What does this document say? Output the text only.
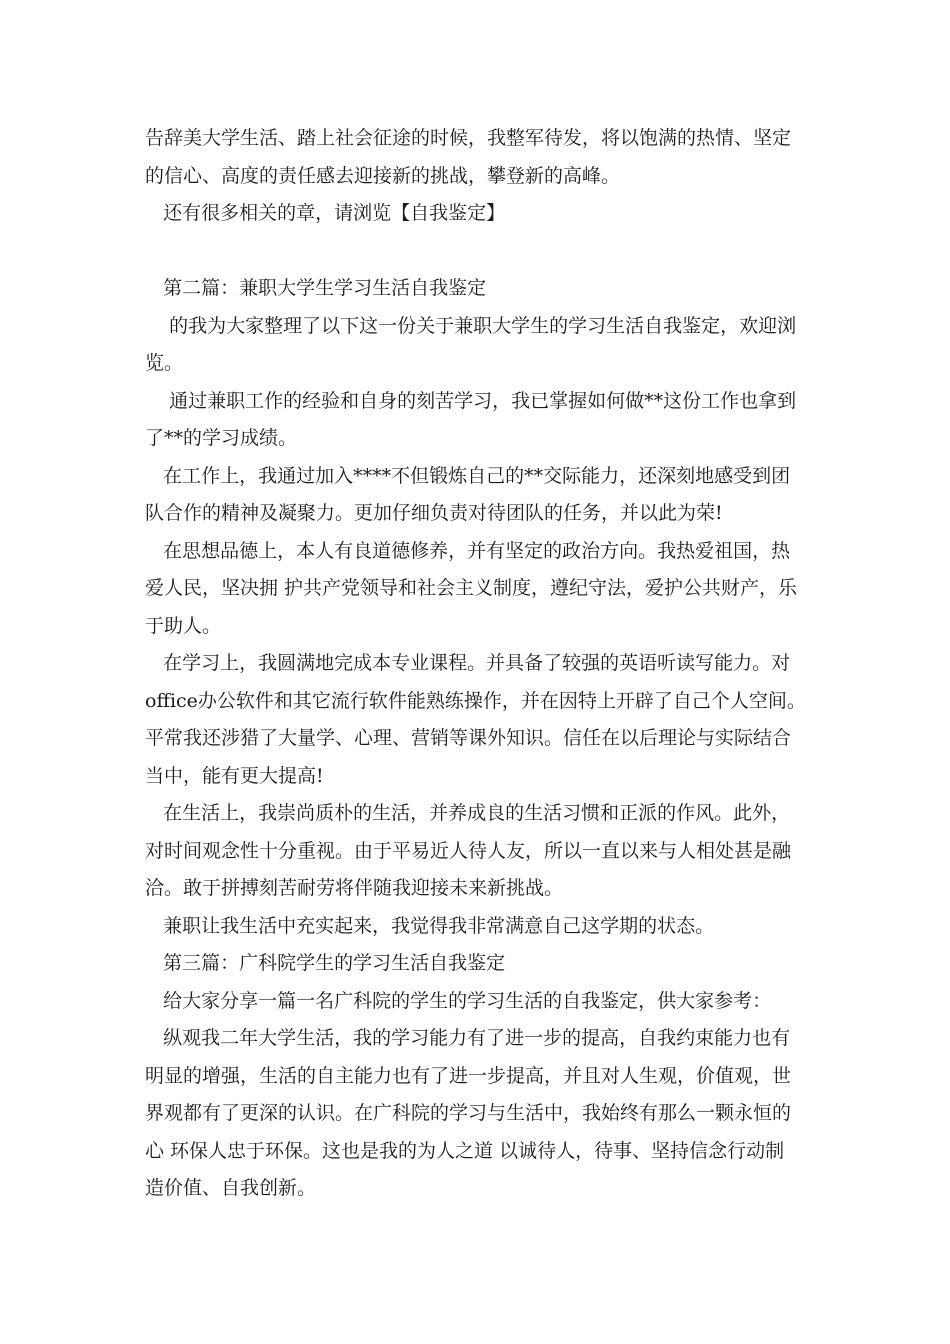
告辞美大学生活、踏上社会征途的时候，我整军待发，将以饱满的热情、坚定
的信心、高度的责任感去迎接新的挑战，攀登新的高峰。
还有很多相关的章，请浏览【自我鉴定】
第二篇：兼职大学生学习生活自我鉴定
的我为大家整理了以下这一份关于兼职大学生的学习生活自我鉴定，欢迎浏
览。
通过兼职工作的经验和自身的刻苦学习，我已掌握如何做**这份工作也拿到
了**的学习成绩。
在工作上，我通过加入****不但锻炼自己的**交际能力，还深刻地感受到团
队合作的精神及凝聚力。更加仔细负责对待团队的任务，并以此为荣!
在思想品德上，本人有良道德修养，并有坚定的政治方向。我热爱祖国，热
爱人民，坚决拥 护共产党领导和社会主义制度，遵纪守法，爱护公共财产，乐
于助人。
在学习上，我圆满地完成本专业课程。并具备了较强的英语听读写能力。对
office办公软件和其它流行软件能熟练操作，并在因特上开辟了自己个人空间。
平常我还涉猎了大量学、心理、营销等课外知识。信任在以后理论与实际结合
当中，能有更大提高!
在生活上，我崇尚质朴的生活，并养成良的生活习惯和正派的作风。此外，
对时间观念性十分重视。由于平易近人待人友，所以一直以来与人相处甚是融
洽。敢于拼搏刻苦耐劳将伴随我迎接未来新挑战。
兼职让我生活中充实起来，我觉得我非常满意自己这学期的状态。
第三篇：广科院学生的学习生活自我鉴定
给大家分享一篇一名广科院的学生的学习生活的自我鉴定，供大家参考：
纵观我二年大学生活，我的学习能力有了进一步的提高，自我约束能力也有
明显的增强，生活的自主能力也有了进一步提高，并且对人生观，价值观，世
界观都有了更深的认识。在广科院的学习与生活中，我始终有那么一颗永恒的
心 环保人忠于环保。这也是我的为人之道 以诚待人，待事、坚持信念行动制
造价值、自我创新。
